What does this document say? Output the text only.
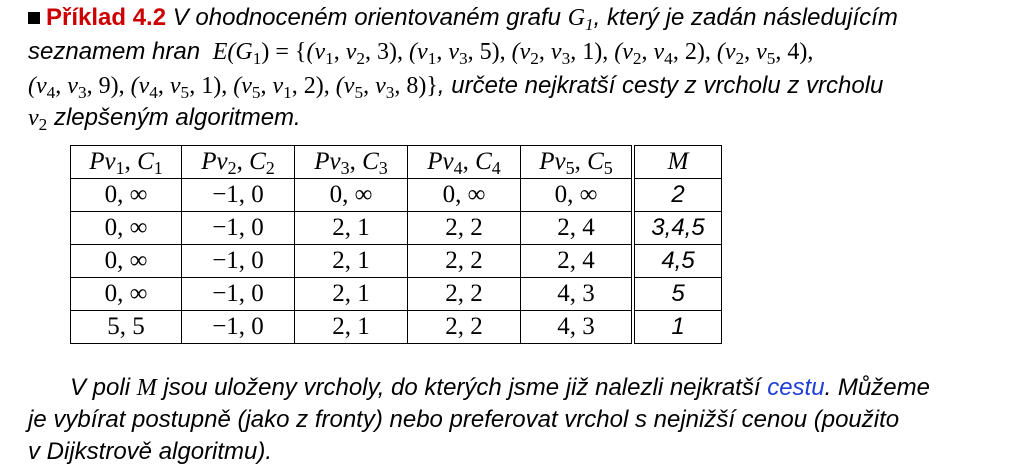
Příklad 4.2 V ohodnoceném orientovaném grafu $G_1$, který je zadán následujícím
seznamem hran $E(G_1) = \{(v_1$, $v_2$, 3), ($v_1$, $v_3$, 5), ($v_2$, $v_3$, 1), ($v_2$, $v_4$, 2), ($v_2$, $v_5$, 4),
($v_4$, $v_3$, 9), ($v_4$, $v_5$, 1), ($v_5$, $v_1$, 2), ($v_5$, $v_3$, 8)}, určete nejkratší cesty z vrcholu z vrcholu
$v_2$ zlepšeným algoritmem.
$Pv_1$, $C_1$	$Pv_2$, $C_2$	$Pv_3$, $C_3$	$Pv_4$, $C_4$	$Pv_5$, $C_5$	M
0, ∞	−1, 0	0, ∞	0, ∞	0, ∞	2
0, ∞	−1, 0	2, 1	2, 2	2, 4	3,4,5
0, ∞	−1, 0	2, 1	2, 2	2, 4	4,5
0, ∞	−1, 0	2, 1	2, 2	4, 3	5
5, 5	−1, 0	2, 1	2, 2	4, 3	1
V poli M jsou uloženy vrcholy, do kterých jsme již nalezli nejkratší cestu. Můžeme
je vybírat postupně (jako z fronty) nebo preferovat vrchol s nejnižší cenou (použito
v Dijkstrově algoritmu).
